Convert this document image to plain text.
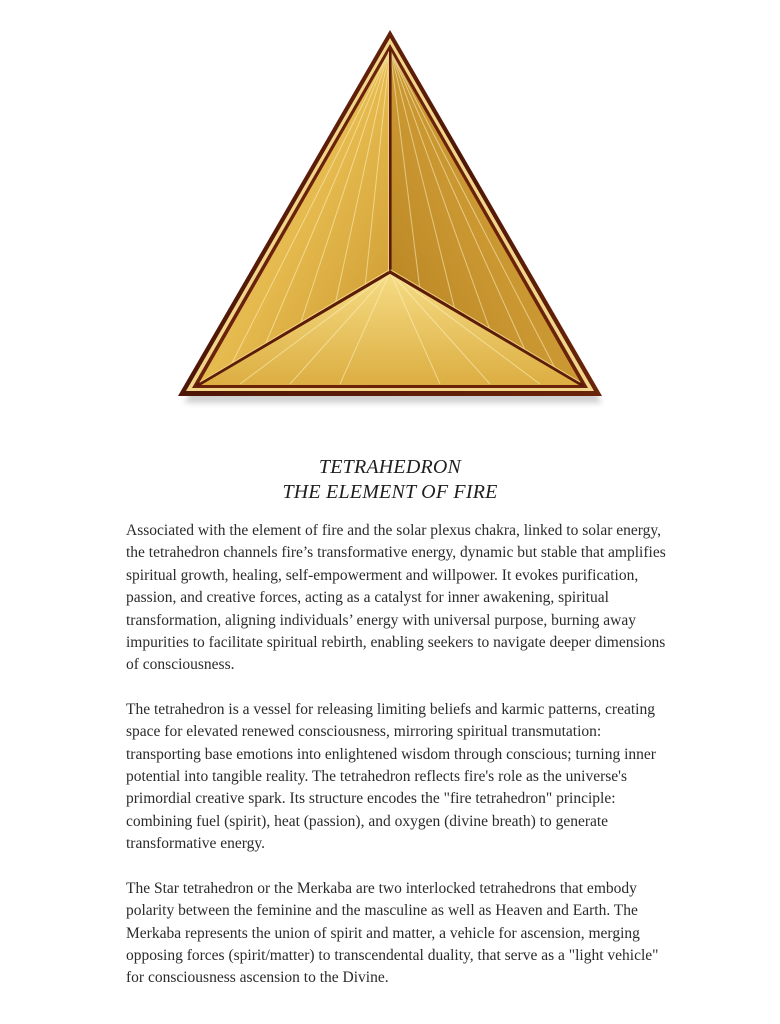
TETRAHEDRON
THE ELEMENT OF FIRE

Associated with the element of fire and the solar plexus chakra, linked to solar energy, the tetrahedron channels fire’s transformative energy, dynamic but stable that amplifies spiritual growth, healing, self-empowerment and willpower. It evokes purification, passion, and creative forces, acting as a catalyst for inner awakening, spiritual transformation, aligning individuals’ energy with universal purpose, burning away impurities to facilitate spiritual rebirth, enabling seekers to navigate deeper dimensions of consciousness.

The tetrahedron is a vessel for releasing limiting beliefs and karmic patterns, creating space for elevated renewed consciousness, mirroring spiritual transmutation: transporting base emotions into enlightened wisdom through conscious; turning inner potential into tangible reality. The tetrahedron reflects fire's role as the universe's primordial creative spark. Its structure encodes the "fire tetrahedron" principle: combining fuel (spirit), heat (passion), and oxygen (divine breath) to generate transformative energy.

The Star tetrahedron or the Merkaba are two interlocked tetrahedrons that embody polarity between the feminine and the masculine as well as Heaven and Earth. The Merkaba represents the union of spirit and matter, a vehicle for ascension, merging opposing forces (spirit/matter) to transcendental duality, that serve as a "light vehicle" for consciousness ascension to the Divine.
